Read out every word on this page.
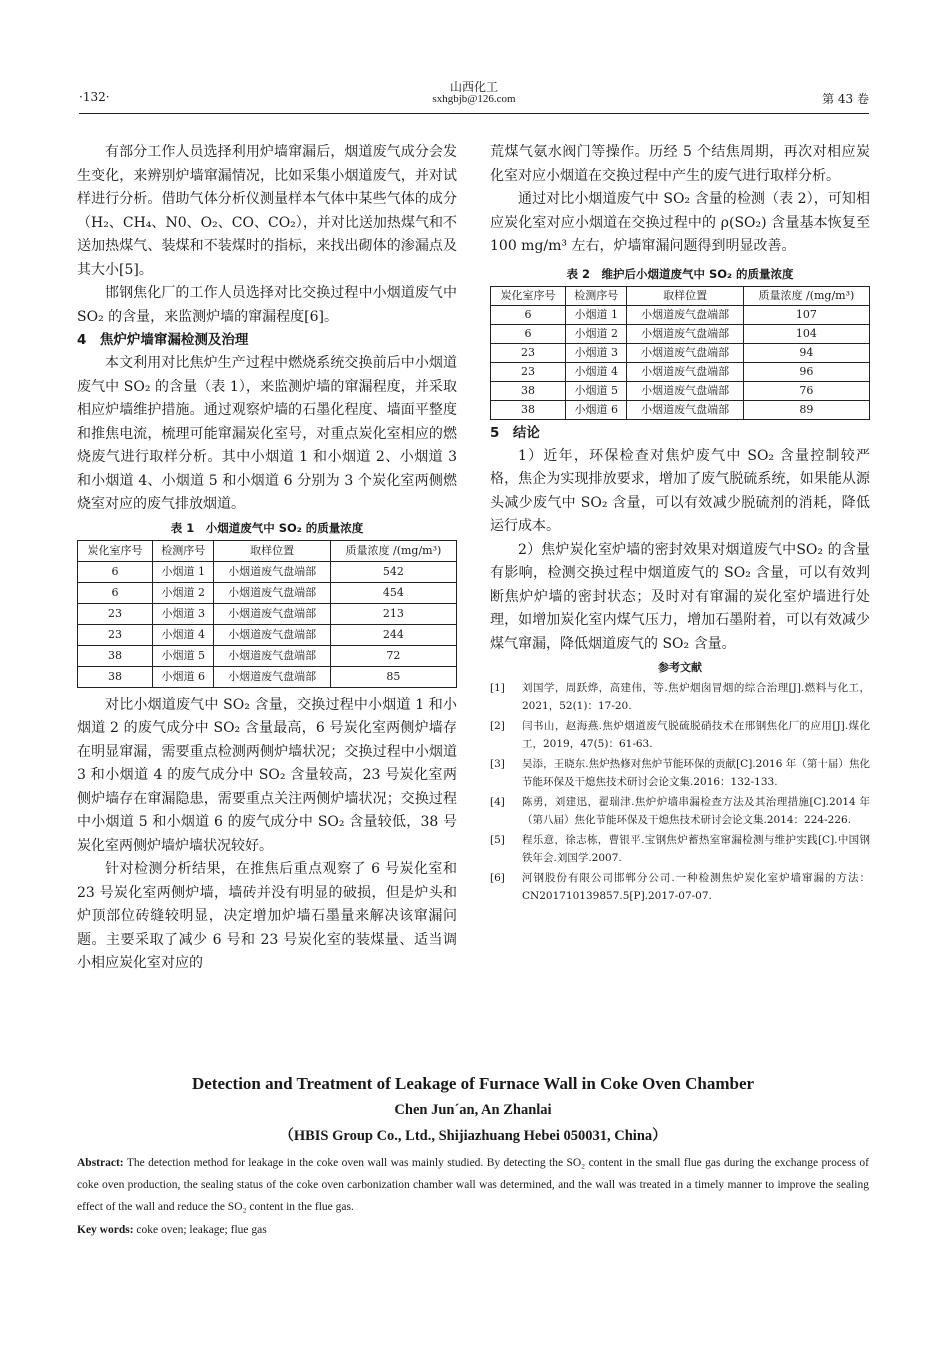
山西化工
sxhgbjb@126.com
·132·	第 43 卷

有部分工作人员选择利用炉墙窜漏后，烟道废气成分会发生变化，来辨别炉墙窜漏情况，比如采集小烟道废气，并对试样进行分析。借助气体分析仪测量样本气体中某些气体的成分（H₂、CH₄、N0、O₂、CO、CO₂），并对比送加热煤气和不送加热煤气、装煤和不装煤时的指标，来找出砌体的渗漏点及其大小[5]。

邯钢焦化厂的工作人员选择对比交换过程中小烟道废气中 SO₂ 的含量，来监测炉墙的窜漏程度[6]。

4　焦炉炉墙窜漏检测及治理

本文利用对比焦炉生产过程中燃烧系统交换前后中小烟道废气中 SO₂ 的含量（表 1），来监测炉墙的窜漏程度，并采取相应炉墙维护措施。通过观察炉墙的石墨化程度、墙面平整度和推焦电流，梳理可能窜漏炭化室号，对重点炭化室相应的燃烧废气进行取样分析。其中小烟道 1 和小烟道 2、小烟道 3 和小烟道 4、小烟道 5 和小烟道 6 分别为 3 个炭化室两侧燃烧室对应的废气排放烟道。

表 1　小烟道废气中 SO₂ 的质量浓度
炭化室序号	检测序号	取样位置	质量浓度 /(mg/m³)
6	小烟道 1	小烟道废气盘端部	542
6	小烟道 2	小烟道废气盘端部	454
23	小烟道 3	小烟道废气盘端部	213
23	小烟道 4	小烟道废气盘端部	244
38	小烟道 5	小烟道废气盘端部	72
38	小烟道 6	小烟道废气盘端部	85

对比小烟道废气中 SO₂ 含量，交换过程中小烟道 1 和小烟道 2 的废气成分中 SO₂ 含量最高，6 号炭化室两侧炉墙存在明显窜漏，需要重点检测两侧炉墙状况；交换过程中小烟道 3 和小烟道 4 的废气成分中 SO₂ 含量较高，23 号炭化室两侧炉墙存在窜漏隐患，需要重点关注两侧炉墙状况；交换过程中小烟道 5 和小烟道 6 的废气成分中 SO₂ 含量较低，38 号炭化室两侧炉墙炉墙状况较好。

针对检测分析结果，在推焦后重点观察了 6 号炭化室和 23 号炭化室两侧炉墙，墙砖并没有明显的破损，但是炉头和炉顶部位砖缝较明显，决定增加炉墙石墨量来解决该窜漏问题。主要采取了减少 6 号和 23 号炭化室的装煤量、适当调小相应炭化室对应的

荒煤气氨水阀门等操作。历经 5 个结焦周期，再次对相应炭化室对应小烟道在交换过程中产生的废气进行取样分析。

通过对比小烟道废气中 SO₂ 含量的检测（表 2），可知相应炭化室对应小烟道在交换过程中的 ρ(SO₂) 含量基本恢复至 100 mg/m³ 左右，炉墙窜漏问题得到明显改善。

表 2　维护后小烟道废气中 SO₂ 的质量浓度
炭化室序号	检测序号	取样位置	质量浓度 /(mg/m³)
6	小烟道 1	小烟道废气盘端部	107
6	小烟道 2	小烟道废气盘端部	104
23	小烟道 3	小烟道废气盘端部	94
23	小烟道 4	小烟道废气盘端部	96
38	小烟道 5	小烟道废气盘端部	76
38	小烟道 6	小烟道废气盘端部	89
5　结论

1）近年，环保检查对焦炉废气中 SO₂ 含量控制较严格，焦企为实现排放要求，增加了废气脱硫系统，如果能从源头减少废气中 SO₂ 含量，可以有效减少脱硫剂的消耗，降低运行成本。

2）焦炉炭化室炉墙的密封效果对烟道废气中SO₂ 的含量有影响，检测交换过程中烟道废气的 SO₂ 含量，可以有效判断焦炉炉墙的密封状态；及时对有窜漏的炭化室炉墙进行处理，如增加炭化室内煤气压力，增加石墨附着，可以有效减少煤气窜漏，降低烟道废气的 SO₂ 含量。

参考文献
[1] 刘国学，周跃烨，高建伟，等.焦炉烟囱冒烟的综合治理[J].燃料与化工，2021，52(1)：17-20.
[2] 闫书山，赵海燕.焦炉烟道废气脱硫脱硝技术在邢钢焦化厂的应用[J].煤化工，2019，47(5)：61-63.
[3] 吴添，王晓东.焦炉热修对焦炉节能环保的贡献[C].2016 年（第十届）焦化节能环保及干熄焦技术研讨会论文集.2016：132-133.
[4] 陈勇，刘建迅，翟瑞津.焦炉炉墙串漏检查方法及其治理措施[C].2014 年（第八届）焦化节能环保及干熄焦技术研讨会论文集.2014：224-226.
[5] 程乐意，徐志栋，曹银平.宝钢焦炉蓄热室窜漏检测与维护实践[C].中国钢铁年会.刘国学.2007.
[6] 河钢股份有限公司邯郸分公司.一种检测焦炉炭化室炉墙窜漏的方法：CN201710139857.5[P].2017-07-07.
Detection and Treatment of Leakage of Furnace Wall in Coke Oven Chamber
Chen Jun´an, An Zhanlai
（HBIS Group Co., Ltd., Shijiazhuang Hebei 050031, China）
Abstract: The detection method for leakage in the coke oven wall was mainly studied. By detecting the SO₂ content in the small flue gas during the exchange process of coke oven production, the sealing status of the coke oven carbonization chamber wall was determined, and the wall was treated in a timely manner to improve the sealing effect of the wall and reduce the SO₂ content in the flue gas.
Key words: coke oven; leakage; flue gas
